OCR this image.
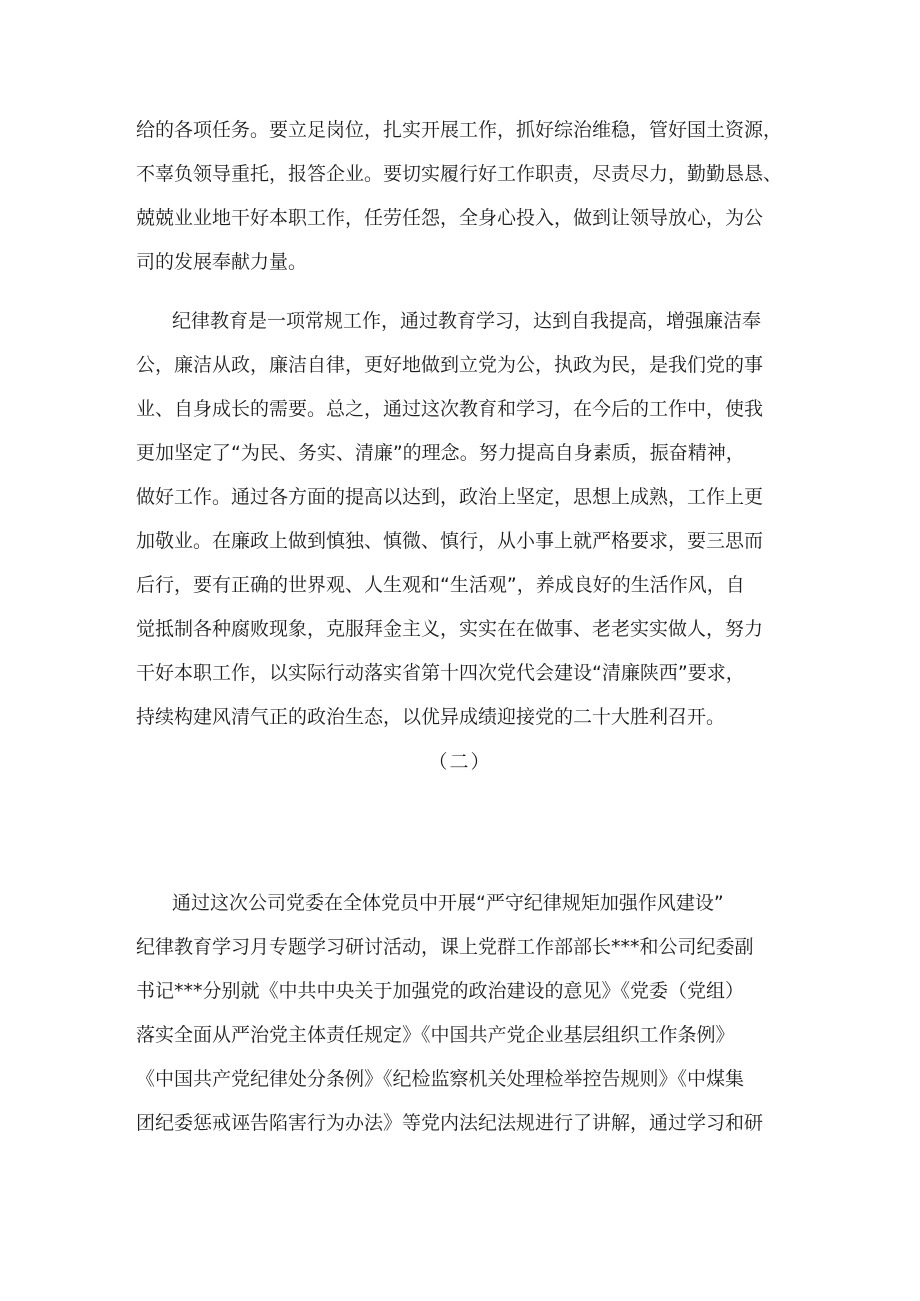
给的各项任务。要立足岗位，扎实开展工作，抓好综治维稳，管好国土资源，
不辜负领导重托，报答企业。要切实履行好工作职责，尽责尽力，勤勤恳恳、
兢兢业业地干好本职工作，任劳任怨，全身心投入，做到让领导放心，为公
司的发展奉献力量。
纪律教育是一项常规工作，通过教育学习，达到自我提高，增强廉洁奉
公，廉洁从政，廉洁自律，更好地做到立党为公，执政为民，是我们党的事
业、自身成长的需要。总之，通过这次教育和学习，在今后的工作中，使我
更加坚定了“为民、务实、清廉”的理念。努力提高自身素质，振奋精神，
做好工作。通过各方面的提高以达到，政治上坚定，思想上成熟，工作上更
加敬业。在廉政上做到慎独、慎微、慎行，从小事上就严格要求，要三思而
后行，要有正确的世界观、人生观和“生活观”，养成良好的生活作风，自
觉抵制各种腐败现象，克服拜金主义，实实在在做事、老老实实做人，努力
干好本职工作，以实际行动落实省第十四次党代会建设“清廉陕西”要求，
持续构建风清气正的政治生态，以优异成绩迎接党的二十大胜利召开。
（二）
通过这次公司党委在全体党员中开展“严守纪律规矩加强作风建设”
纪律教育学习月专题学习研讨活动，课上党群工作部部长***和公司纪委副
书记***分别就《中共中央关于加强党的政治建设的意见》《党委（党组）
落实全面从严治党主体责任规定》《中国共产党企业基层组织工作条例》
《中国共产党纪律处分条例》《纪检监察机关处理检举控告规则》《中煤集
团纪委惩戒诬告陷害行为办法》等党内法纪法规进行了讲解，通过学习和研
